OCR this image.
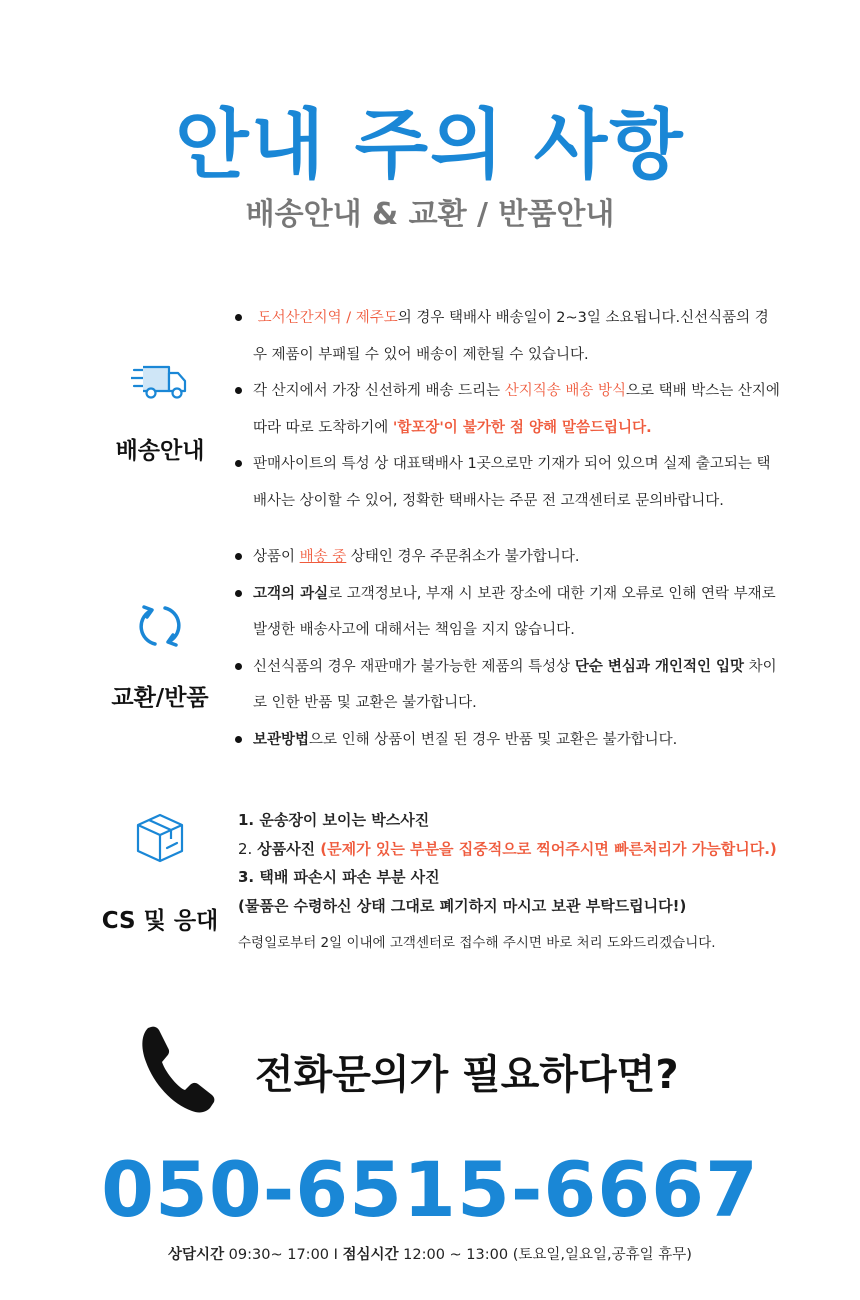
안내 주의 사항
배송안내 & 교환 / 반품안내
배송안내
도서산간지역 / 제주도의 경우 택배사 배송일이 2~3일 소요됩니다.신선식품의 경우 제품이 부패될 수 있어 배송이 제한될 수 있습니다.
각 산지에서 가장 신선하게 배송 드리는 산지직송 배송 방식으로 택배 박스는 산지에 따라 따로 도착하기에 '합포장'이 불가한 점 양해 말씀드립니다.
판매사이트의 특성 상 대표택배사 1곳으로만 기재가 되어 있으며 실제 출고되는 택배사는 상이할 수 있어, 정확한 택배사는 주문 전 고객센터로 문의바랍니다.
교환/반품
상품이 배송 중 상태인 경우 주문취소가 불가합니다.
고객의 과실로 고객정보나, 부재 시 보관 장소에 대한 기재 오류로 인해 연락 부재로 발생한 배송사고에 대해서는 책임을 지지 않습니다.
신선식품의 경우 재판매가 불가능한 제품의 특성상 단순 변심과 개인적인 입맛 차이로 인한 반품 및 교환은 불가합니다.
보관방법으로 인해 상품이 변질 된 경우 반품 및 교환은 불가합니다.
CS 및 응대
1. 운송장이 보이는 박스사진
2. 상품사진 (문제가 있는 부분을 집중적으로 찍어주시면 빠른처리가 가능합니다.)
3. 택배 파손시 파손 부분 사진
(물품은 수령하신 상태 그대로 폐기하지 마시고 보관 부탁드립니다!)
수령일로부터 2일 이내에 고객센터로 접수해 주시면 바로 처리 도와드리겠습니다.
전화문의가 필요하다면?
050-6515-6667
상담시간 09:30~ 17:00 I 점심시간 12:00 ~ 13:00 (토요일,일요일,공휴일 휴무)
